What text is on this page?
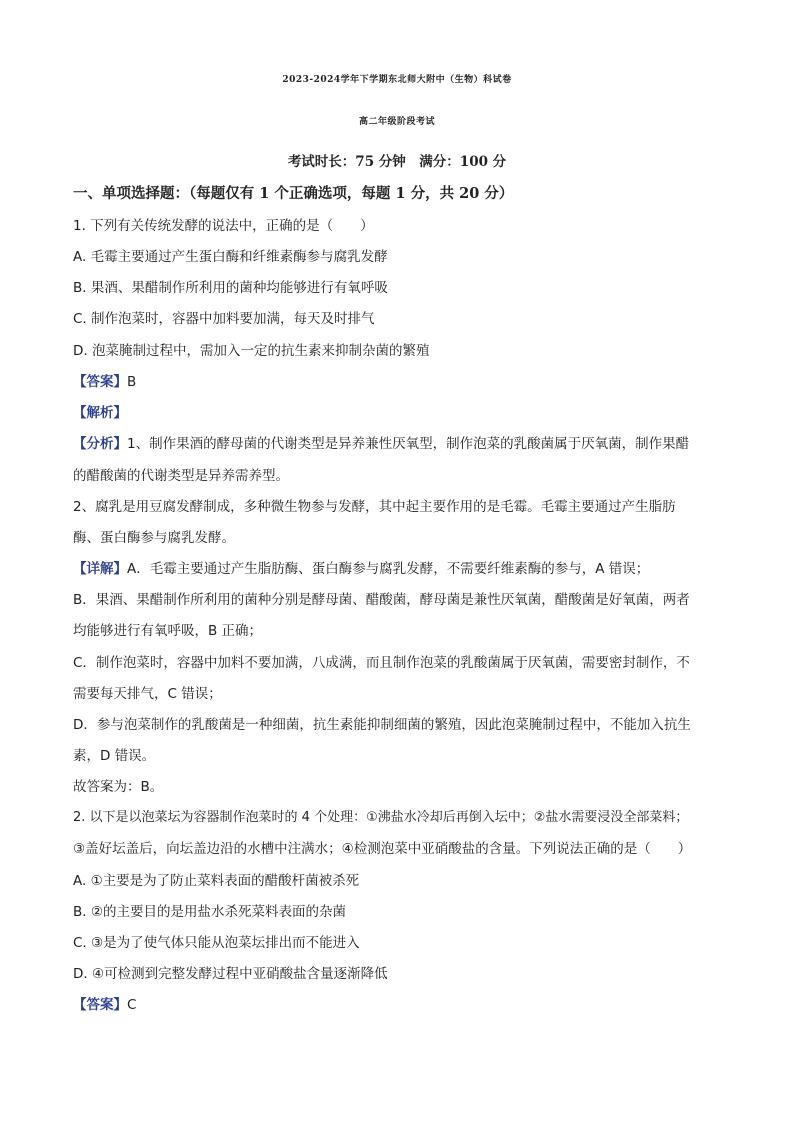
2023-2024学年下学期东北师大附中（生物）科试卷
高二年级阶段考试
考试时长：75 分钟　满分：100 分
一、单项选择题：（每题仅有 1 个正确选项，每题 1 分，共 20 分）
1. 下列有关传统发酵的说法中，正确的是（　　）
A. 毛霉主要通过产生蛋白酶和纤维素酶参与腐乳发酵
B. 果酒、果醋制作所利用的菌种均能够进行有氧呼吸
C. 制作泡菜时，容器中加料要加满，每天及时排气
D. 泡菜腌制过程中，需加入一定的抗生素来抑制杂菌的繁殖
【答案】B
【解析】
【分析】1、制作果酒的酵母菌的代谢类型是异养兼性厌氧型，制作泡菜的乳酸菌属于厌氧菌，制作果醋
的醋酸菌的代谢类型是异养需养型。
2、腐乳是用豆腐发酵制成，多种微生物参与发酵，其中起主要作用的是毛霉。毛霉主要通过产生脂肪
酶、蛋白酶参与腐乳发酵。
【详解】A．毛霉主要通过产生脂肪酶、蛋白酶参与腐乳发酵，不需要纤维素酶的参与，A 错误；
B．果酒、果醋制作所利用的菌种分别是酵母菌、醋酸菌，酵母菌是兼性厌氧菌，醋酸菌是好氧菌，两者
均能够进行有氧呼吸，B 正确；
C．制作泡菜时，容器中加料不要加满，八成满，而且制作泡菜的乳酸菌属于厌氧菌，需要密封制作，不
需要每天排气，C 错误；
D．参与泡菜制作的乳酸菌是一种细菌，抗生素能抑制细菌的繁殖，因此泡菜腌制过程中，不能加入抗生
素，D 错误。
故答案为：B。
2. 以下是以泡菜坛为容器制作泡菜时的 4 个处理：①沸盐水冷却后再倒入坛中；②盐水需要浸没全部菜料；
③盖好坛盖后，向坛盖边沿的水槽中注满水；④检测泡菜中亚硝酸盐的含量。下列说法正确的是（　　）
A. ①主要是为了防止菜料表面的醋酸杆菌被杀死
B. ②的主要目的是用盐水杀死菜料表面的杂菌
C. ③是为了使气体只能从泡菜坛排出而不能进入
D. ④可检测到完整发酵过程中亚硝酸盐含量逐渐降低
【答案】C
